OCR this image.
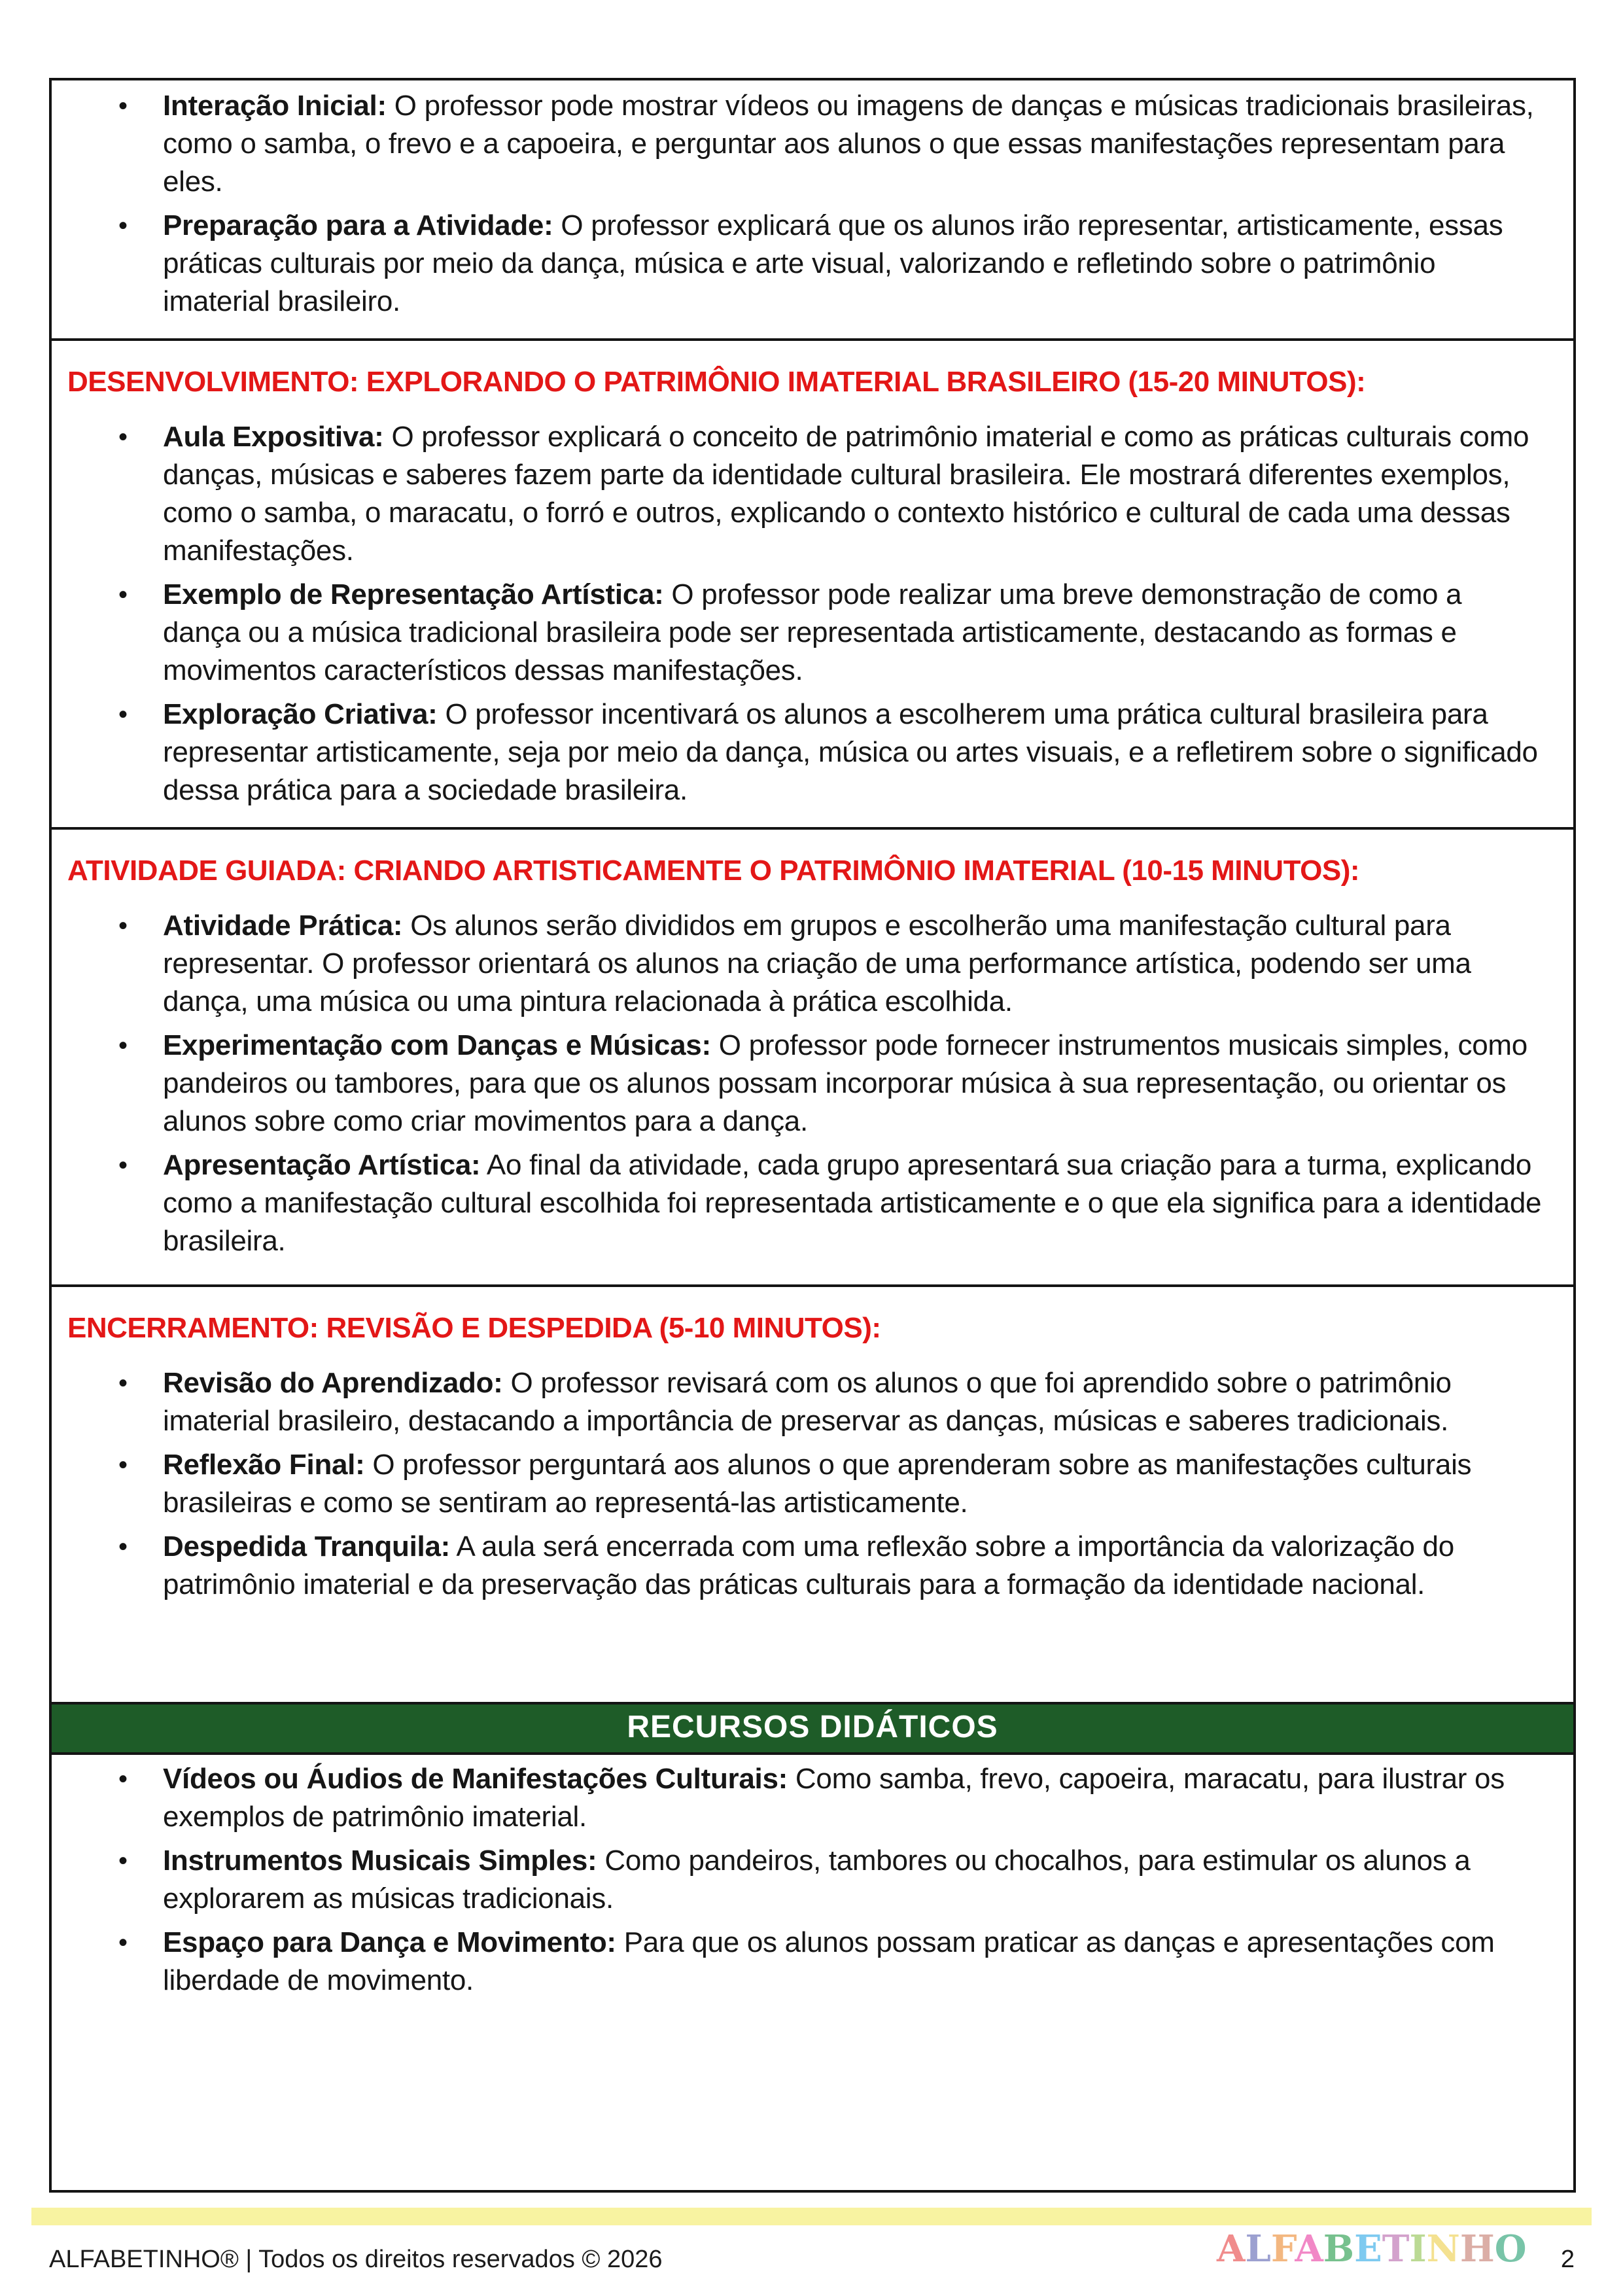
•	Interação Inicial: O professor pode mostrar vídeos ou imagens de danças e músicas tradicionais brasileiras, como o samba, o frevo e a capoeira, e perguntar aos alunos o que essas manifestações representam para eles.

•	Preparação para a Atividade: O professor explicará que os alunos irão representar, artisticamente, essas práticas culturais por meio da dança, música e arte visual, valorizando e refletindo sobre o patrimônio imaterial brasileiro.

DESENVOLVIMENTO: EXPLORANDO O PATRIMÔNIO IMATERIAL BRASILEIRO (15-20 MINUTOS):
•	Aula Expositiva: O professor explicará o conceito de patrimônio imaterial e como as práticas culturais como danças, músicas e saberes fazem parte da identidade cultural brasileira. Ele mostrará diferentes exemplos, como o samba, o maracatu, o forró e outros, explicando o contexto histórico e cultural de cada uma dessas manifestações.

•	Exemplo de Representação Artística: O professor pode realizar uma breve demonstração de como a dança ou a música tradicional brasileira pode ser representada artisticamente, destacando as formas e movimentos característicos dessas manifestações.

•	Exploração Criativa: O professor incentivará os alunos a escolherem uma prática cultural brasileira para representar artisticamente, seja por meio da dança, música ou artes visuais, e a refletirem sobre o significado dessa prática para a sociedade brasileira.

ATIVIDADE GUIADA: CRIANDO ARTISTICAMENTE O PATRIMÔNIO IMATERIAL (10-15 MINUTOS):
•	Atividade Prática: Os alunos serão divididos em grupos e escolherão uma manifestação cultural para representar. O professor orientará os alunos na criação de uma performance artística, podendo ser uma dança, uma música ou uma pintura relacionada à prática escolhida.

•	Experimentação com Danças e Músicas: O professor pode fornecer instrumentos musicais simples, como pandeiros ou tambores, para que os alunos possam incorporar música à sua representação, ou orientar os alunos sobre como criar movimentos para a dança.

•	Apresentação Artística: Ao final da atividade, cada grupo apresentará sua criação para a turma, explicando como a manifestação cultural escolhida foi representada artisticamente e o que ela significa para a identidade brasileira.

ENCERRAMENTO: REVISÃO E DESPEDIDA (5-10 MINUTOS):
•	Revisão do Aprendizado: O professor revisará com os alunos o que foi aprendido sobre o patrimônio imaterial brasileiro, destacando a importância de preservar as danças, músicas e saberes tradicionais.

•	Reflexão Final: O professor perguntará aos alunos o que aprenderam sobre as manifestações culturais brasileiras e como se sentiram ao representá-las artisticamente.

•	Despedida Tranquila: A aula será encerrada com uma reflexão sobre a importância da valorização do patrimônio imaterial e da preservação das práticas culturais para a formação da identidade nacional.

RECURSOS DIDÁTICOS
•	Vídeos ou Áudios de Manifestações Culturais: Como samba, frevo, capoeira, maracatu, para ilustrar os exemplos de patrimônio imaterial.

•	Instrumentos Musicais Simples: Como pandeiros, tambores ou chocalhos, para estimular os alunos a explorarem as músicas tradicionais.

•	Espaço para Dança e Movimento: Para que os alunos possam praticar as danças e apresentações com liberdade de movimento.

ALFABETINHO® | Todos os direitos reservados © 2026	ALFABETINHO 2
